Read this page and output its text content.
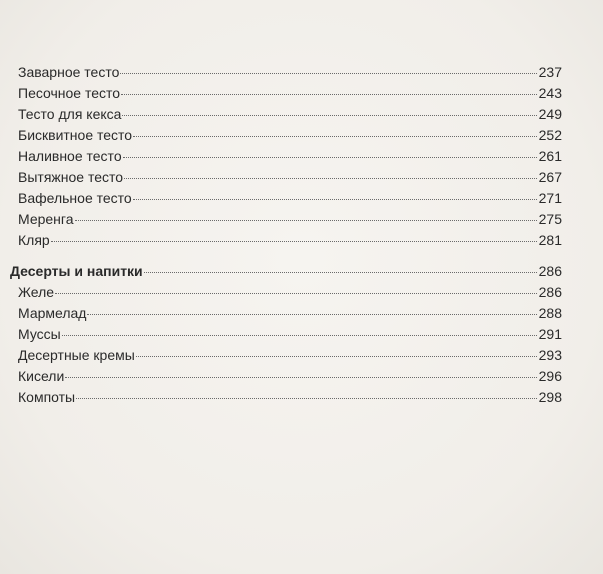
Заварное тесто	237
Песочное тесто	243
Тесто для кекса	249
Бисквитное тесто	252
Наливное тесто	261
Вытяжное тесто	267
Вафельное тесто	271
Меренга	275
Кляр	281
Десерты и напитки	286
Желе	286
Мармелад	288
Муссы	291
Десертные кремы	293
Кисели	296
Компоты	298
